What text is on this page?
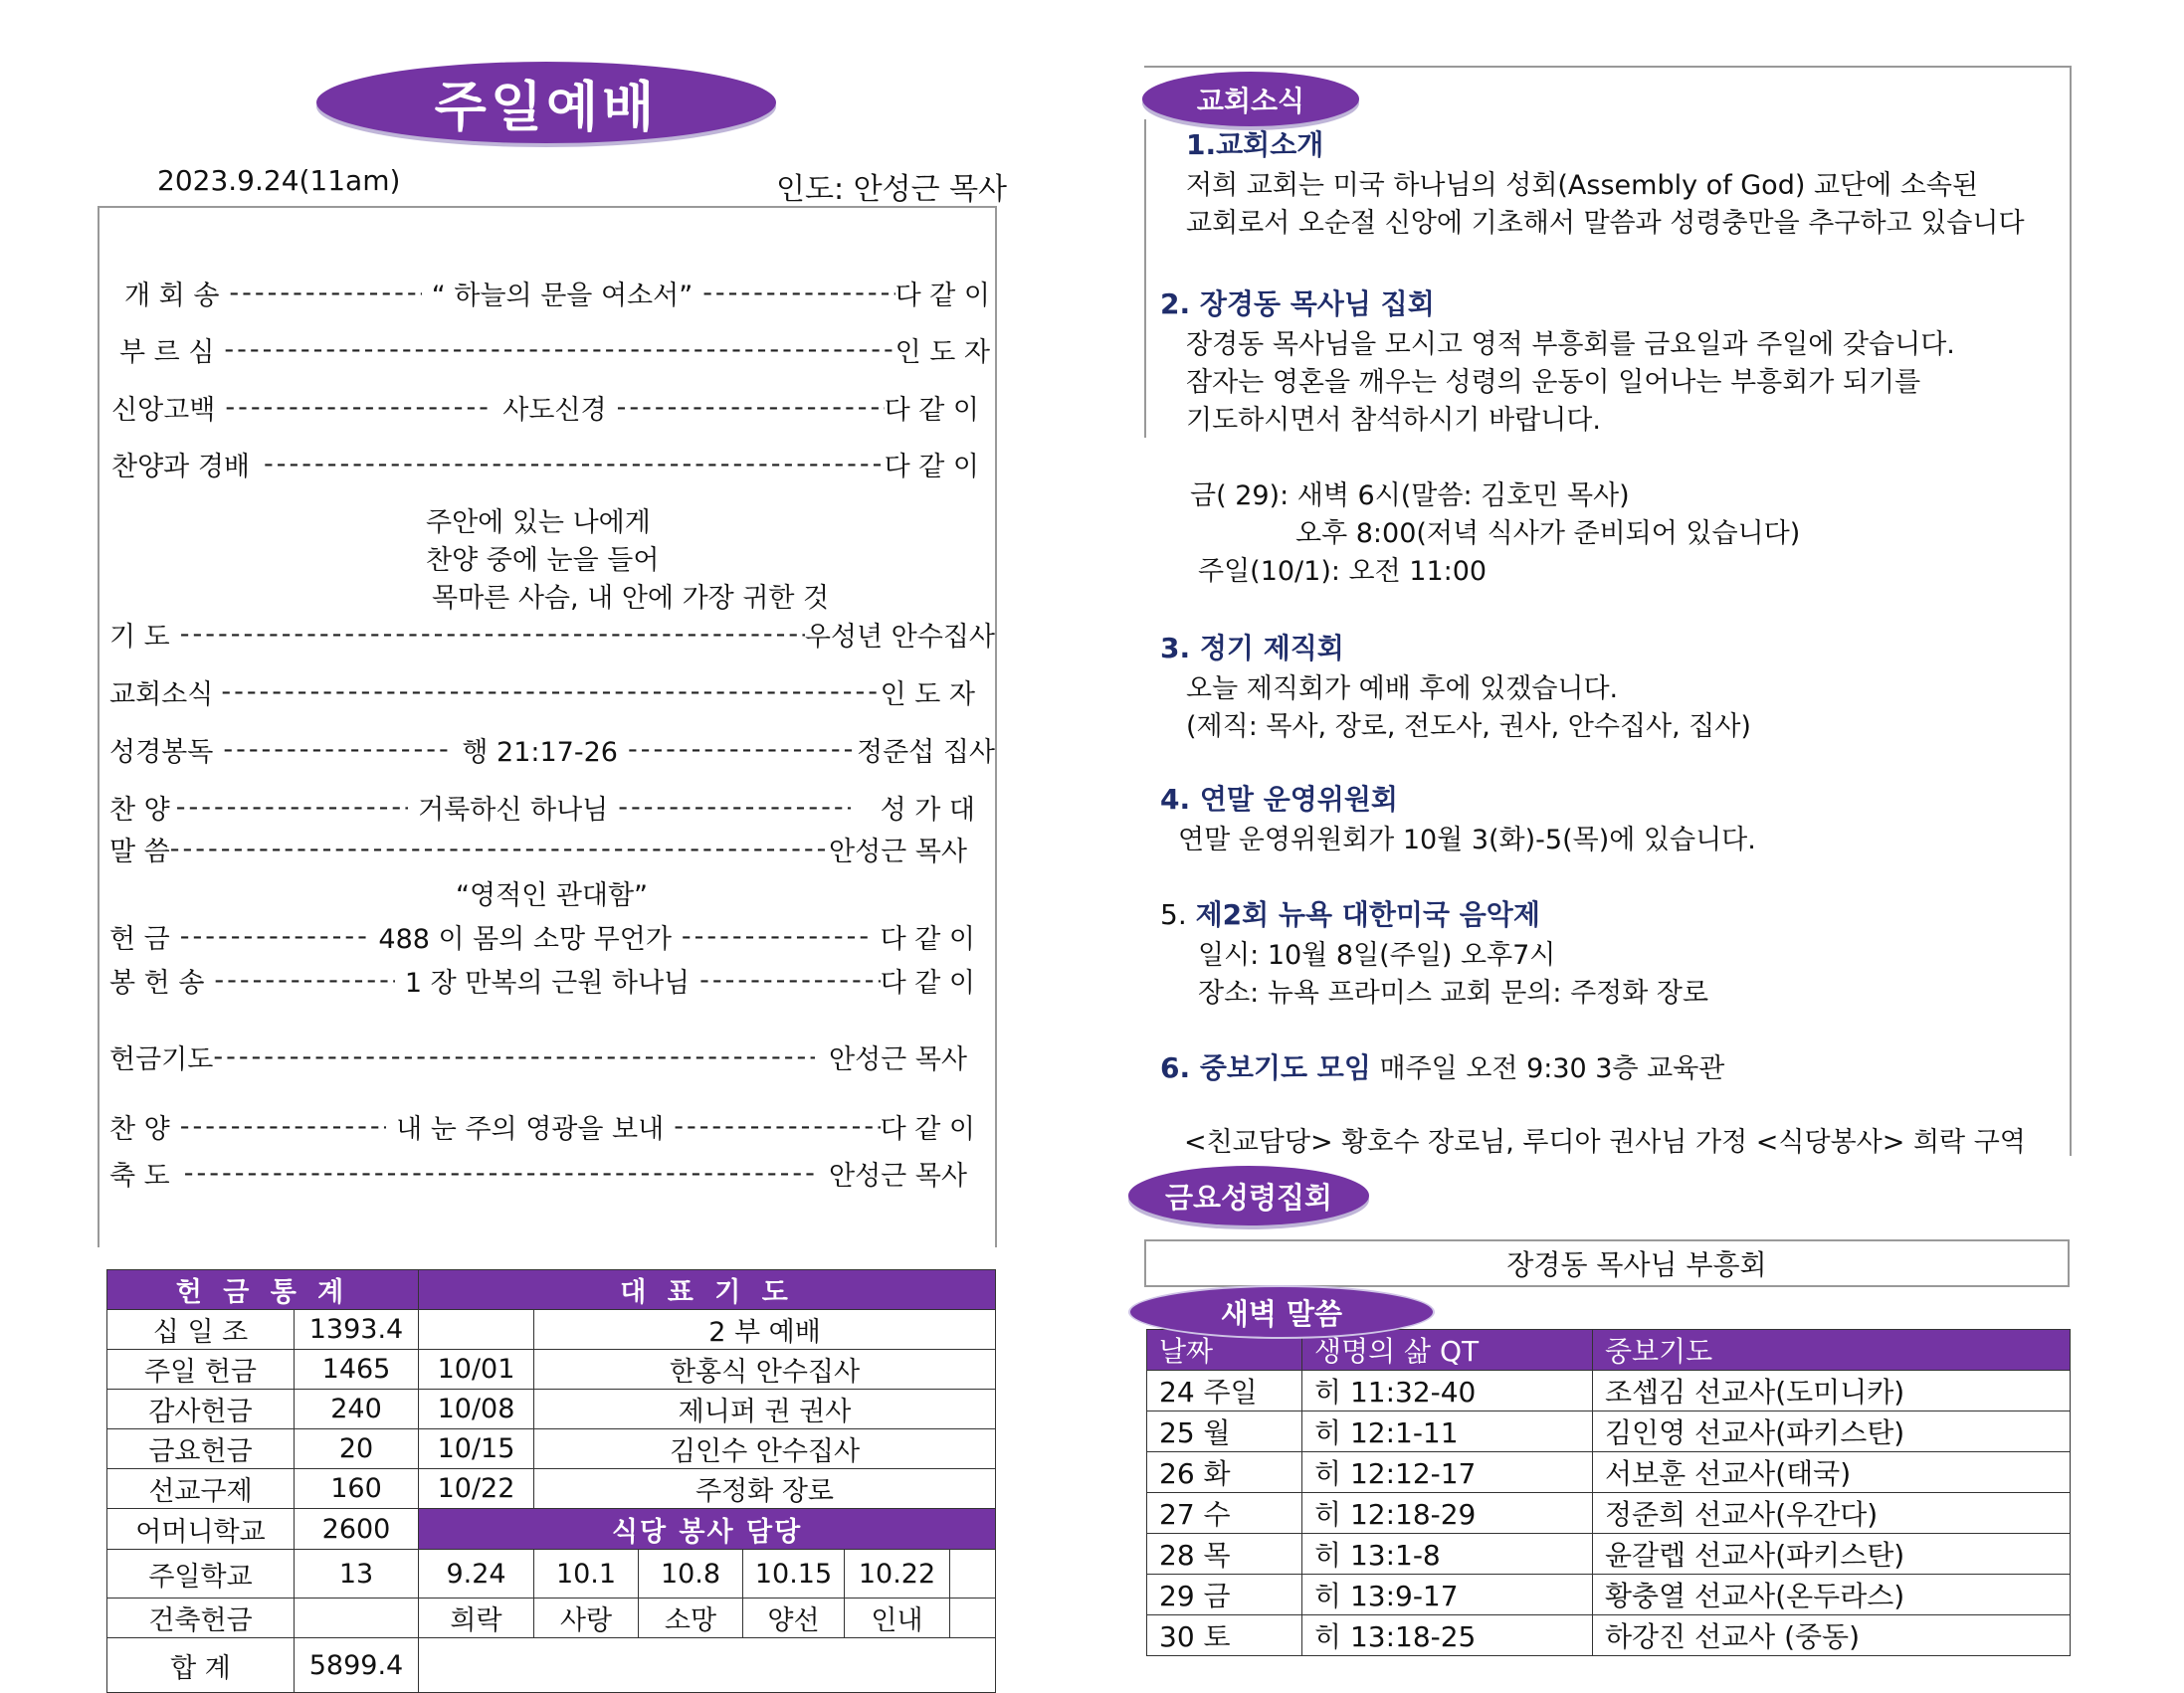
주일예배
2023.9.24(11am)	인도: 안성근 목사
개 회 송 -----	“ 하늘의 문을 여소서” -----	다 같 이
부 르 심 -----	인 도 자
신앙고백 -----	사도신경 -----	다 같 이
찬양과 경배 -----	다 같 이
주안에 있는 나에게
찬양 중에 눈을 들어
목마른 사슴, 내 안에 가장 귀한 것
기 도 -----	우성년 안수집사
교회소식 -----	인 도 자
성경봉독 -----	행 21:17-26 -----	정준섭 집사
찬 양 -----	거룩하신 하나님 -----	성 가 대
말 씀 -----	안성근 목사
“영적인 관대함”
헌 금 -----	488 이 몸의 소망 무언가 -----	다 같 이
봉 헌 송 -----	1 장 만복의 근원 하나님 -----	다 같 이
헌금기도 -----	안성근 목사
찬 양 -----	내 눈 주의 영광을 보내 -----	다 같 이
축 도 -----	안성근 목사
헌 금 통 계		대 표 기 도					
십 일 조	1393.4		2 부 예배				
주일 헌금	1465	10/01	한홍식 안수집사				
감사헌금	240	10/08	제니퍼 권 권사				
금요헌금	20	10/15	김인수 안수집사				
선교구제	160	10/22	주정화 장로				
어머니학교	2600	식당 봉사 담당					
주일학교	13	9.24	10.1	10.8	10.15	10.22	
건축헌금		희락	사랑	소망	양선	인내	
합 계	5899.4						
교회소식
1.교회소개
저희 교회는 미국 하나님의 성회(Assembly of God) 교단에 소속된
교회로서 오순절 신앙에 기초해서 말씀과 성령충만을 추구하고 있습니다
2. 장경동 목사님 집회
장경동 목사님을 모시고 영적 부흥회를 금요일과 주일에 갖습니다.
잠자는 영혼을 깨우는 성령의 운동이 일어나는 부흥회가 되기를
기도하시면서 참석하시기 바랍니다.
금( 29): 새벽 6시(말씀: 김호민 목사)
오후 8:00(저녁 식사가 준비되어 있습니다)
주일(10/1): 오전 11:00
3. 정기 제직회
오늘 제직회가 예배 후에 있겠습니다.
(제직: 목사, 장로, 전도사, 권사, 안수집사, 집사)
4. 연말 운영위원회
연말 운영위원회가 10월 3(화)-5(목)에 있습니다.
5. 제2회 뉴욕 대한미국 음악제
일시: 10월 8일(주일) 오후7시
장소: 뉴욕 프라미스 교회 문의: 주정화 장로
6. 중보기도 모임 매주일 오전 9:30 3층 교육관
<친교담당> 황호수 장로님, 루디아 권사님 가정 <식당봉사> 희락 구역
금요성령집회
장경동 목사님 부흥회
날짜	생명의 삶 QT	중보기도
24 주일	히 11:32-40	조셉김 선교사(도미니카)
25 월	히 12:1-11	김인영 선교사(파키스탄)
26 화	히 12:12-17	서보훈 선교사(태국)
27 수	히 12:18-29	정준희 선교사(우간다)
28 목	히 13:1-8	윤갈렙 선교사(파키스탄)
29 금	히 13:9-17	황충열 선교사(온두라스)
30 토	히 13:18-25	하강진 선교사 (중동)
새벽 말씀
